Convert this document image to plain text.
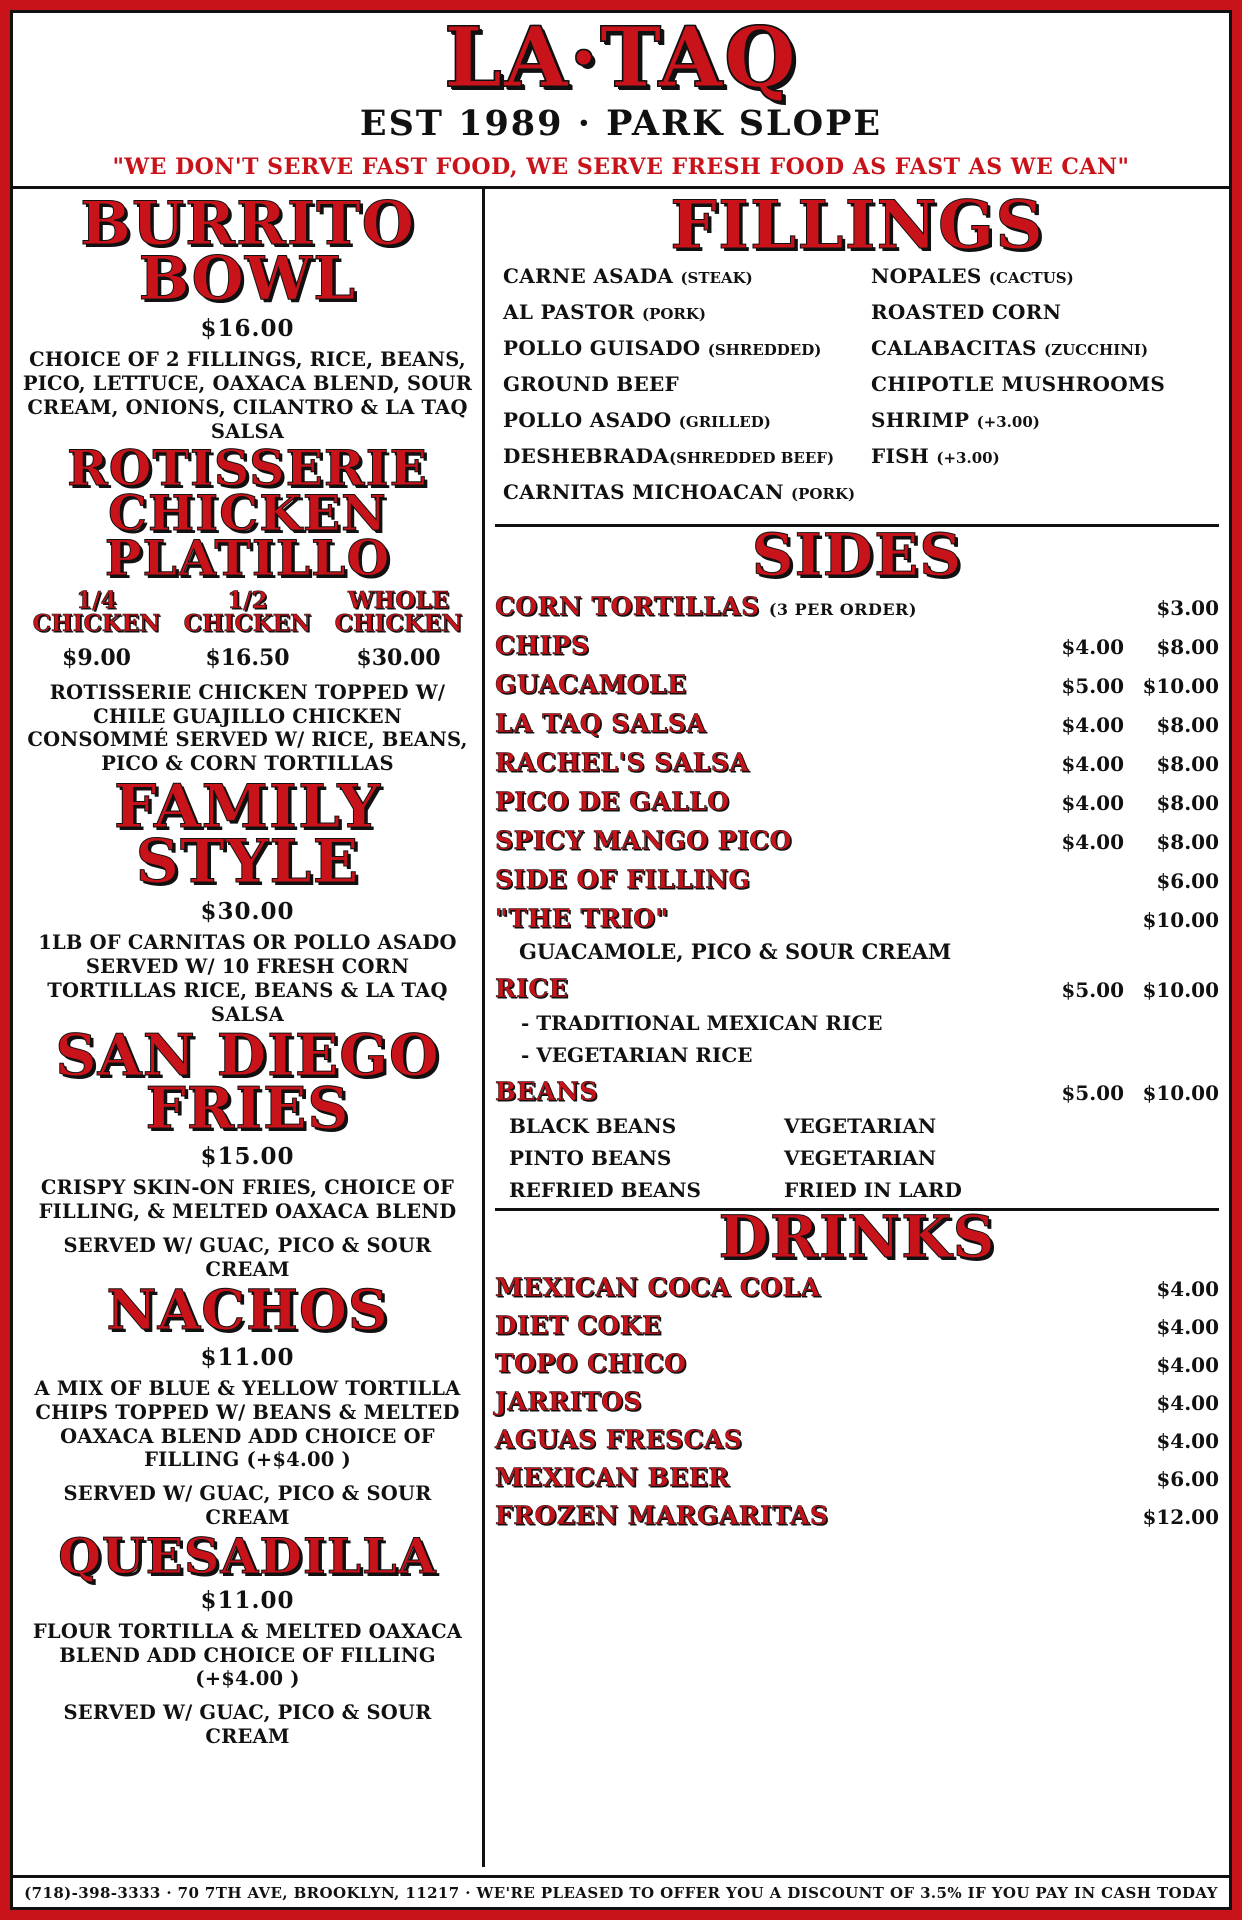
LA·TAQ
EST 1989 · PARK SLOPE
"WE DON'T SERVE FAST FOOD, WE SERVE FRESH FOOD AS FAST AS WE CAN"
BURRITO BOWL
$16.00
CHOICE OF 2 FILLINGS, RICE, BEANS, PICO, LETTUCE, OAXACA BLEND, SOUR CREAM, ONIONS, CILANTRO & LA TAQ SALSA
ROTISSERIE CHICKEN PLATILLO
1/4 CHICKEN
$9.00
1/2 CHICKEN
$16.50
WHOLE CHICKEN
$30.00
ROTISSERIE CHICKEN TOPPED W/ CHILE GUAJILLO CHICKEN CONSOMMÉ SERVED W/ RICE, BEANS, PICO & CORN TORTILLAS
FAMILY STYLE
$30.00
1LB OF CARNITAS OR POLLO ASADO SERVED W/ 10 FRESH CORN TORTILLAS RICE, BEANS & LA TAQ SALSA
SAN DIEGO FRIES
$15.00
CRISPY SKIN-ON FRIES, CHOICE OF FILLING, & MELTED OAXACA BLEND
SERVED W/ GUAC, PICO & SOUR CREAM
NACHOS
$11.00
A MIX OF BLUE & YELLOW TORTILLA CHIPS TOPPED W/ BEANS & MELTED OAXACA BLEND ADD CHOICE OF FILLING (+$4.00 )
SERVED W/ GUAC, PICO & SOUR CREAM
QUESADILLA
$11.00
FLOUR TORTILLA & MELTED OAXACA BLEND ADD CHOICE OF FILLING (+$4.00 )
SERVED W/ GUAC, PICO & SOUR CREAM
FILLINGS
CARNE ASADA (STEAK)
AL PASTOR (PORK)
POLLO GUISADO (SHREDDED)
GROUND BEEF
POLLO ASADO (GRILLED)
DESHEBRADA(SHREDDED BEEF)
CARNITAS MICHOACAN (PORK)
NOPALES (CACTUS)
ROASTED CORN
CALABACITAS (ZUCCHINI)
CHIPOTLE MUSHROOMS
SHRIMP (+3.00)
FISH (+3.00)
SIDES
CORN TORTILLAS (3 PER ORDER)	$3.00
CHIPS	$4.00	$8.00
GUACAMOLE	$5.00 $10.00
LA TAQ SALSA	$4.00	$8.00
RACHEL'S SALSA	$4.00	$8.00
PICO DE GALLO	$4.00	$8.00
SPICY MANGO PICO	$4.00	$8.00
SIDE OF FILLING	$6.00
"THE TRIO"	$10.00
GUACAMOLE, PICO & SOUR CREAM
RICE	$5.00 $10.00
- TRADITIONAL MEXICAN RICE
- VEGETARIAN RICE
BEANS	$5.00 $10.00
BLACK BEANS	VEGETARIAN
PINTO BEANS	VEGETARIAN
REFRIED BEANS	FRIED IN LARD
DRINKS
MEXICAN COCA COLA	$4.00
DIET COKE	$4.00
TOPO CHICO	$4.00
JARRITOS	$4.00
AGUAS FRESCAS	$4.00
MEXICAN BEER	$6.00
FROZEN MARGARITAS	$12.00
(718)-398-3333 · 70 7TH AVE, BROOKLYN, 11217 · WE'RE PLEASED TO OFFER YOU A DISCOUNT OF 3.5% IF YOU PAY IN CASH TODAY
